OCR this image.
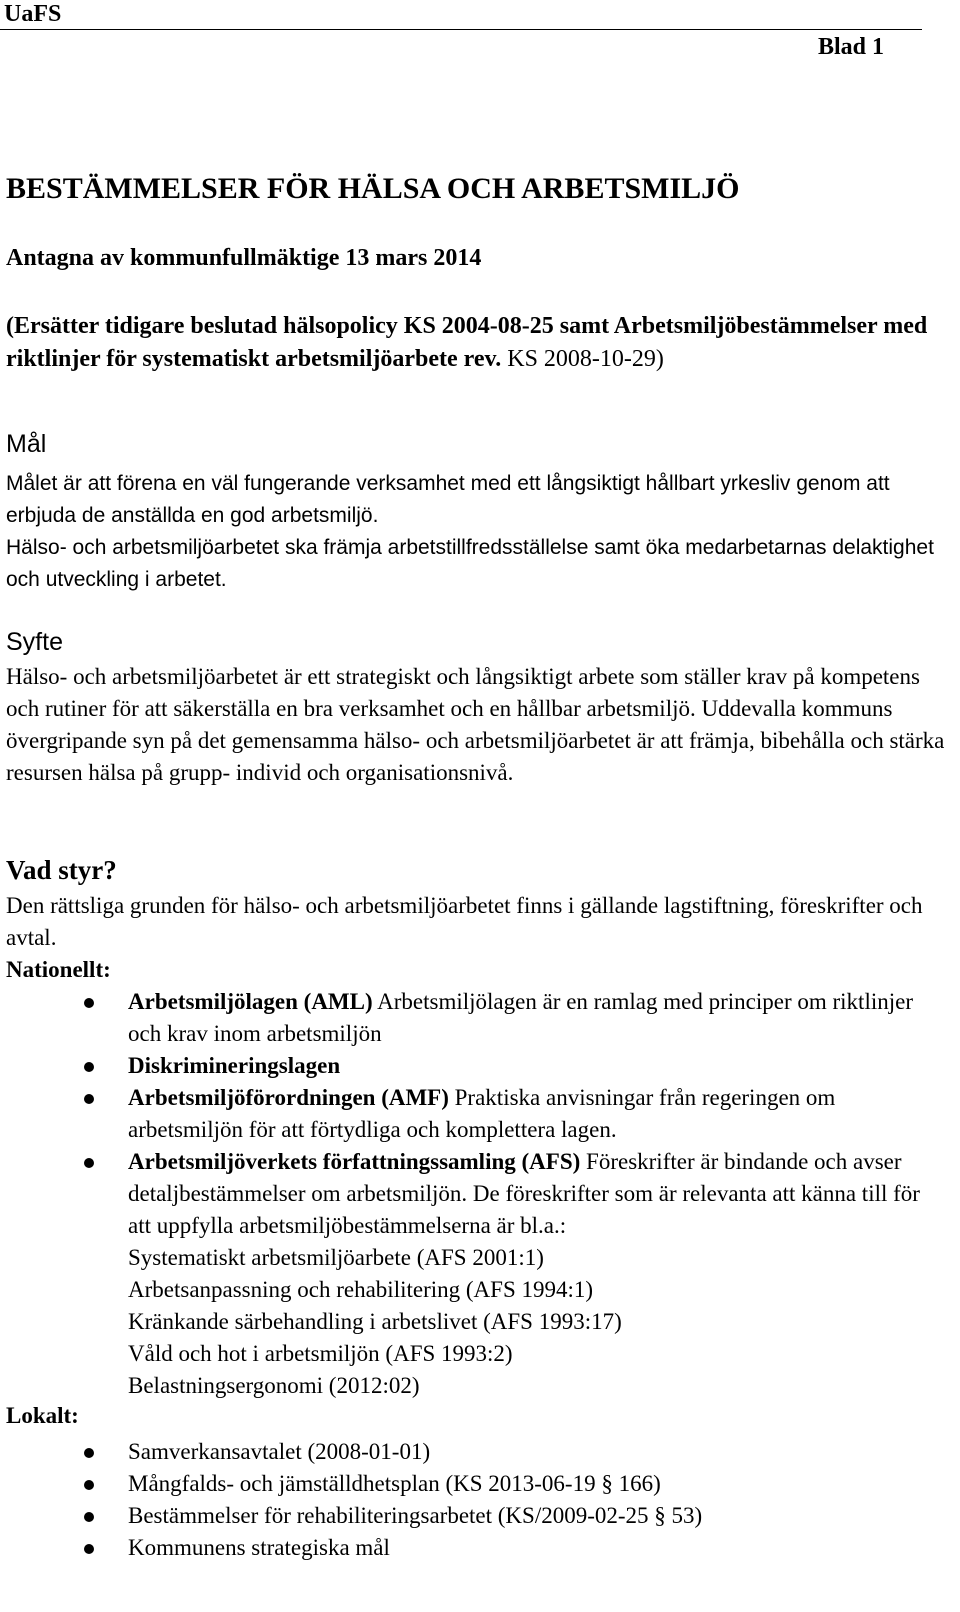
UaFS
Blad 1
BESTÄMMELSER FÖR HÄLSA OCH ARBETSMILJÖ
Antagna av kommunfullmäktige 13 mars 2014
(Ersätter tidigare beslutad hälsopolicy KS 2004-08-25 samt Arbetsmiljöbestämmelser med riktlinjer för systematiskt arbetsmiljöarbete rev. KS 2008-10-29)
Mål
Målet är att förena en väl fungerande verksamhet med ett långsiktigt hållbart yrkesliv genom att erbjuda de anställda en god arbetsmiljö.
Hälso- och arbetsmiljöarbetet ska främja arbetstillfredsställelse samt öka medarbetarnas delaktighet och utveckling i arbetet.
Syfte
Hälso- och arbetsmiljöarbetet är ett strategiskt och långsiktigt arbete som ställer krav på kompetens och rutiner för att säkerställa en bra verksamhet och en hållbar arbetsmiljö. Uddevalla kommuns övergripande syn på det gemensamma hälso- och arbetsmiljöarbetet är att främja, bibehålla och stärka resursen hälsa på grupp- individ och organisationsnivå.
Vad styr?
Den rättsliga grunden för hälso- och arbetsmiljöarbetet finns i gällande lagstiftning, föreskrifter och avtal.
Nationellt:
Arbetsmiljölagen (AML) Arbetsmiljölagen är en ramlag med principer om riktlinjer och krav inom arbetsmiljön
Diskrimineringslagen
Arbetsmiljöförordningen (AMF) Praktiska anvisningar från regeringen om arbetsmiljön för att förtydliga och komplettera lagen.
Arbetsmiljöverkets författningssamling (AFS) Föreskrifter är bindande och avser detaljbestämmelser om arbetsmiljön. De föreskrifter som är relevanta att känna till för att uppfylla arbetsmiljöbestämmelserna är bl.a.:
Systematiskt arbetsmiljöarbete (AFS 2001:1)
Arbetsanpassning och rehabilitering (AFS 1994:1)
Kränkande särbehandling i arbetslivet (AFS 1993:17)
Våld och hot i arbetsmiljön (AFS 1993:2)
Belastningsergonomi (2012:02)
Lokalt:
Samverkansavtalet (2008-01-01)
Mångfalds- och jämställdhetsplan (KS 2013-06-19 § 166)
Bestämmelser för rehabiliteringsarbetet (KS/2009-02-25 § 53)
Kommunens strategiska mål
